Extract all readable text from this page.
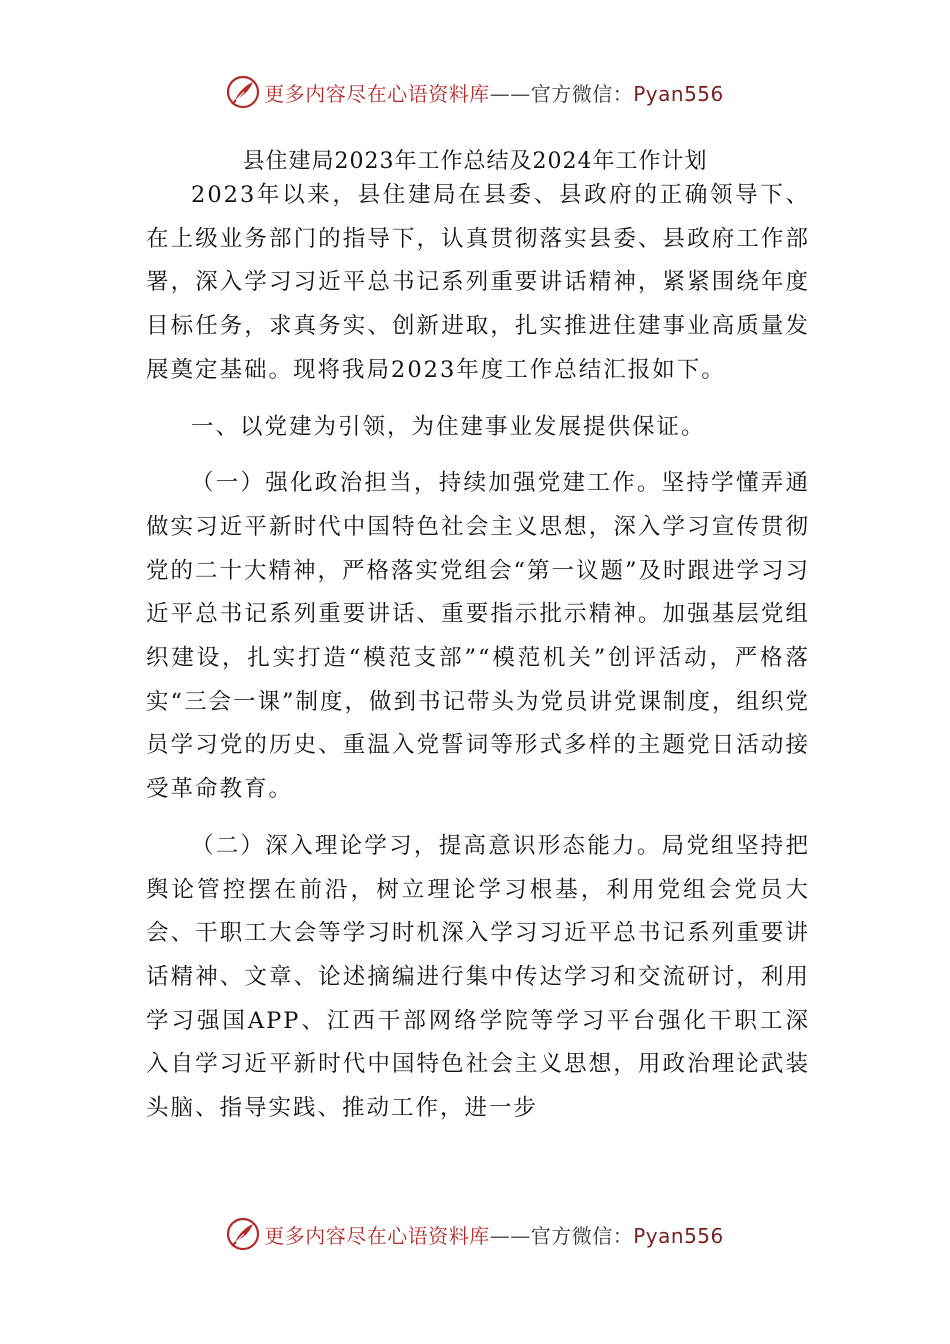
更多内容尽在心语资料库——官方微信：Pyan556
县住建局2023年工作总结及2024年工作计划

2023年以来，县住建局在县委、县政府的正确领导下、在上级业务部门的指导下，认真贯彻落实县委、县政府工作部署，深入学习习近平总书记系列重要讲话精神，紧紧围绕年度目标任务，求真务实、创新进取，扎实推进住建事业高质量发展奠定基础。现将我局2023年度工作总结汇报如下。

一、以党建为引领，为住建事业发展提供保证。

（一）强化政治担当，持续加强党建工作。坚持学懂弄通做实习近平新时代中国特色社会主义思想，深入学习宣传贯彻党的二十大精神，严格落实党组会“第一议题”及时跟进学习习近平总书记系列重要讲话、重要指示批示精神。加强基层党组织建设，扎实打造“模范支部”“模范机关”创评活动，严格落实“三会一课”制度，做到书记带头为党员讲党课制度，组织党员学习党的历史、重温入党誓词等形式多样的主题党日活动接受革命教育。

（二）深入理论学习，提高意识形态能力。局党组坚持把舆论管控摆在前沿，树立理论学习根基，利用党组会党员大会、干职工大会等学习时机深入学习习近平总书记系列重要讲话精神、文章、论述摘编进行集中传达学习和交流研讨，利用学习强国APP、江西干部网络学院等学习平台强化干职工深入自学习近平新时代中国特色社会主义思想，用政治理论武装头脑、指导实践、推动工作，进一步

更多内容尽在心语资料库——官方微信：Pyan556
